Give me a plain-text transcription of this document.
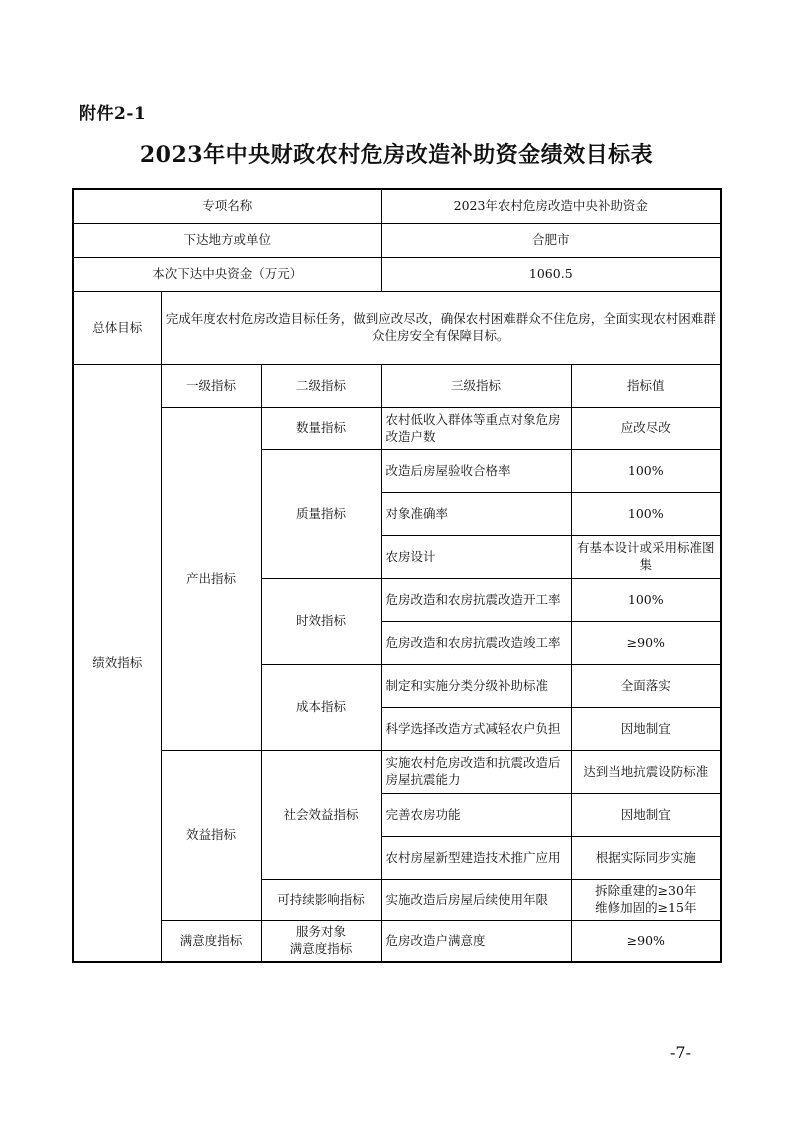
附件2-1
2023年中央财政农村危房改造补助资金绩效目标表
专项名称			2023年农村危房改造中央补助资金	
下达地方或单位			合肥市	
本次下达中央资金（万元）			1060.5	
总体目标	完成年度农村危房改造目标任务，做到应改尽改，确保农村困难群众不住危房，全面实现农村困难群众住房安全有保障目标。			
绩效指标	一级指标	二级指标	三级指标	指标值
	产出指标	数量指标	农村低收入群体等重点对象危房改造户数	应改尽改
		质量指标	改造后房屋验收合格率	100%
			对象准确率	100%
			农房设计	有基本设计或采用标准图集
		时效指标	危房改造和农房抗震改造开工率	100%
			危房改造和农房抗震改造竣工率	≥90%
		成本指标	制定和实施分类分级补助标准	全面落实
			科学选择改造方式减轻农户负担	因地制宜
	效益指标	社会效益指标	实施农村危房改造和抗震改造后房屋抗震能力	达到当地抗震设防标准
			完善农房功能	因地制宜
			农村房屋新型建造技术推广应用	根据实际同步实施
		可持续影响指标	实施改造后房屋后续使用年限	拆除重建的≥30年
维修加固的≥15年

	满意度指标	服务对象
满意度指标	危房改造户满意度	≥90%
-7-
